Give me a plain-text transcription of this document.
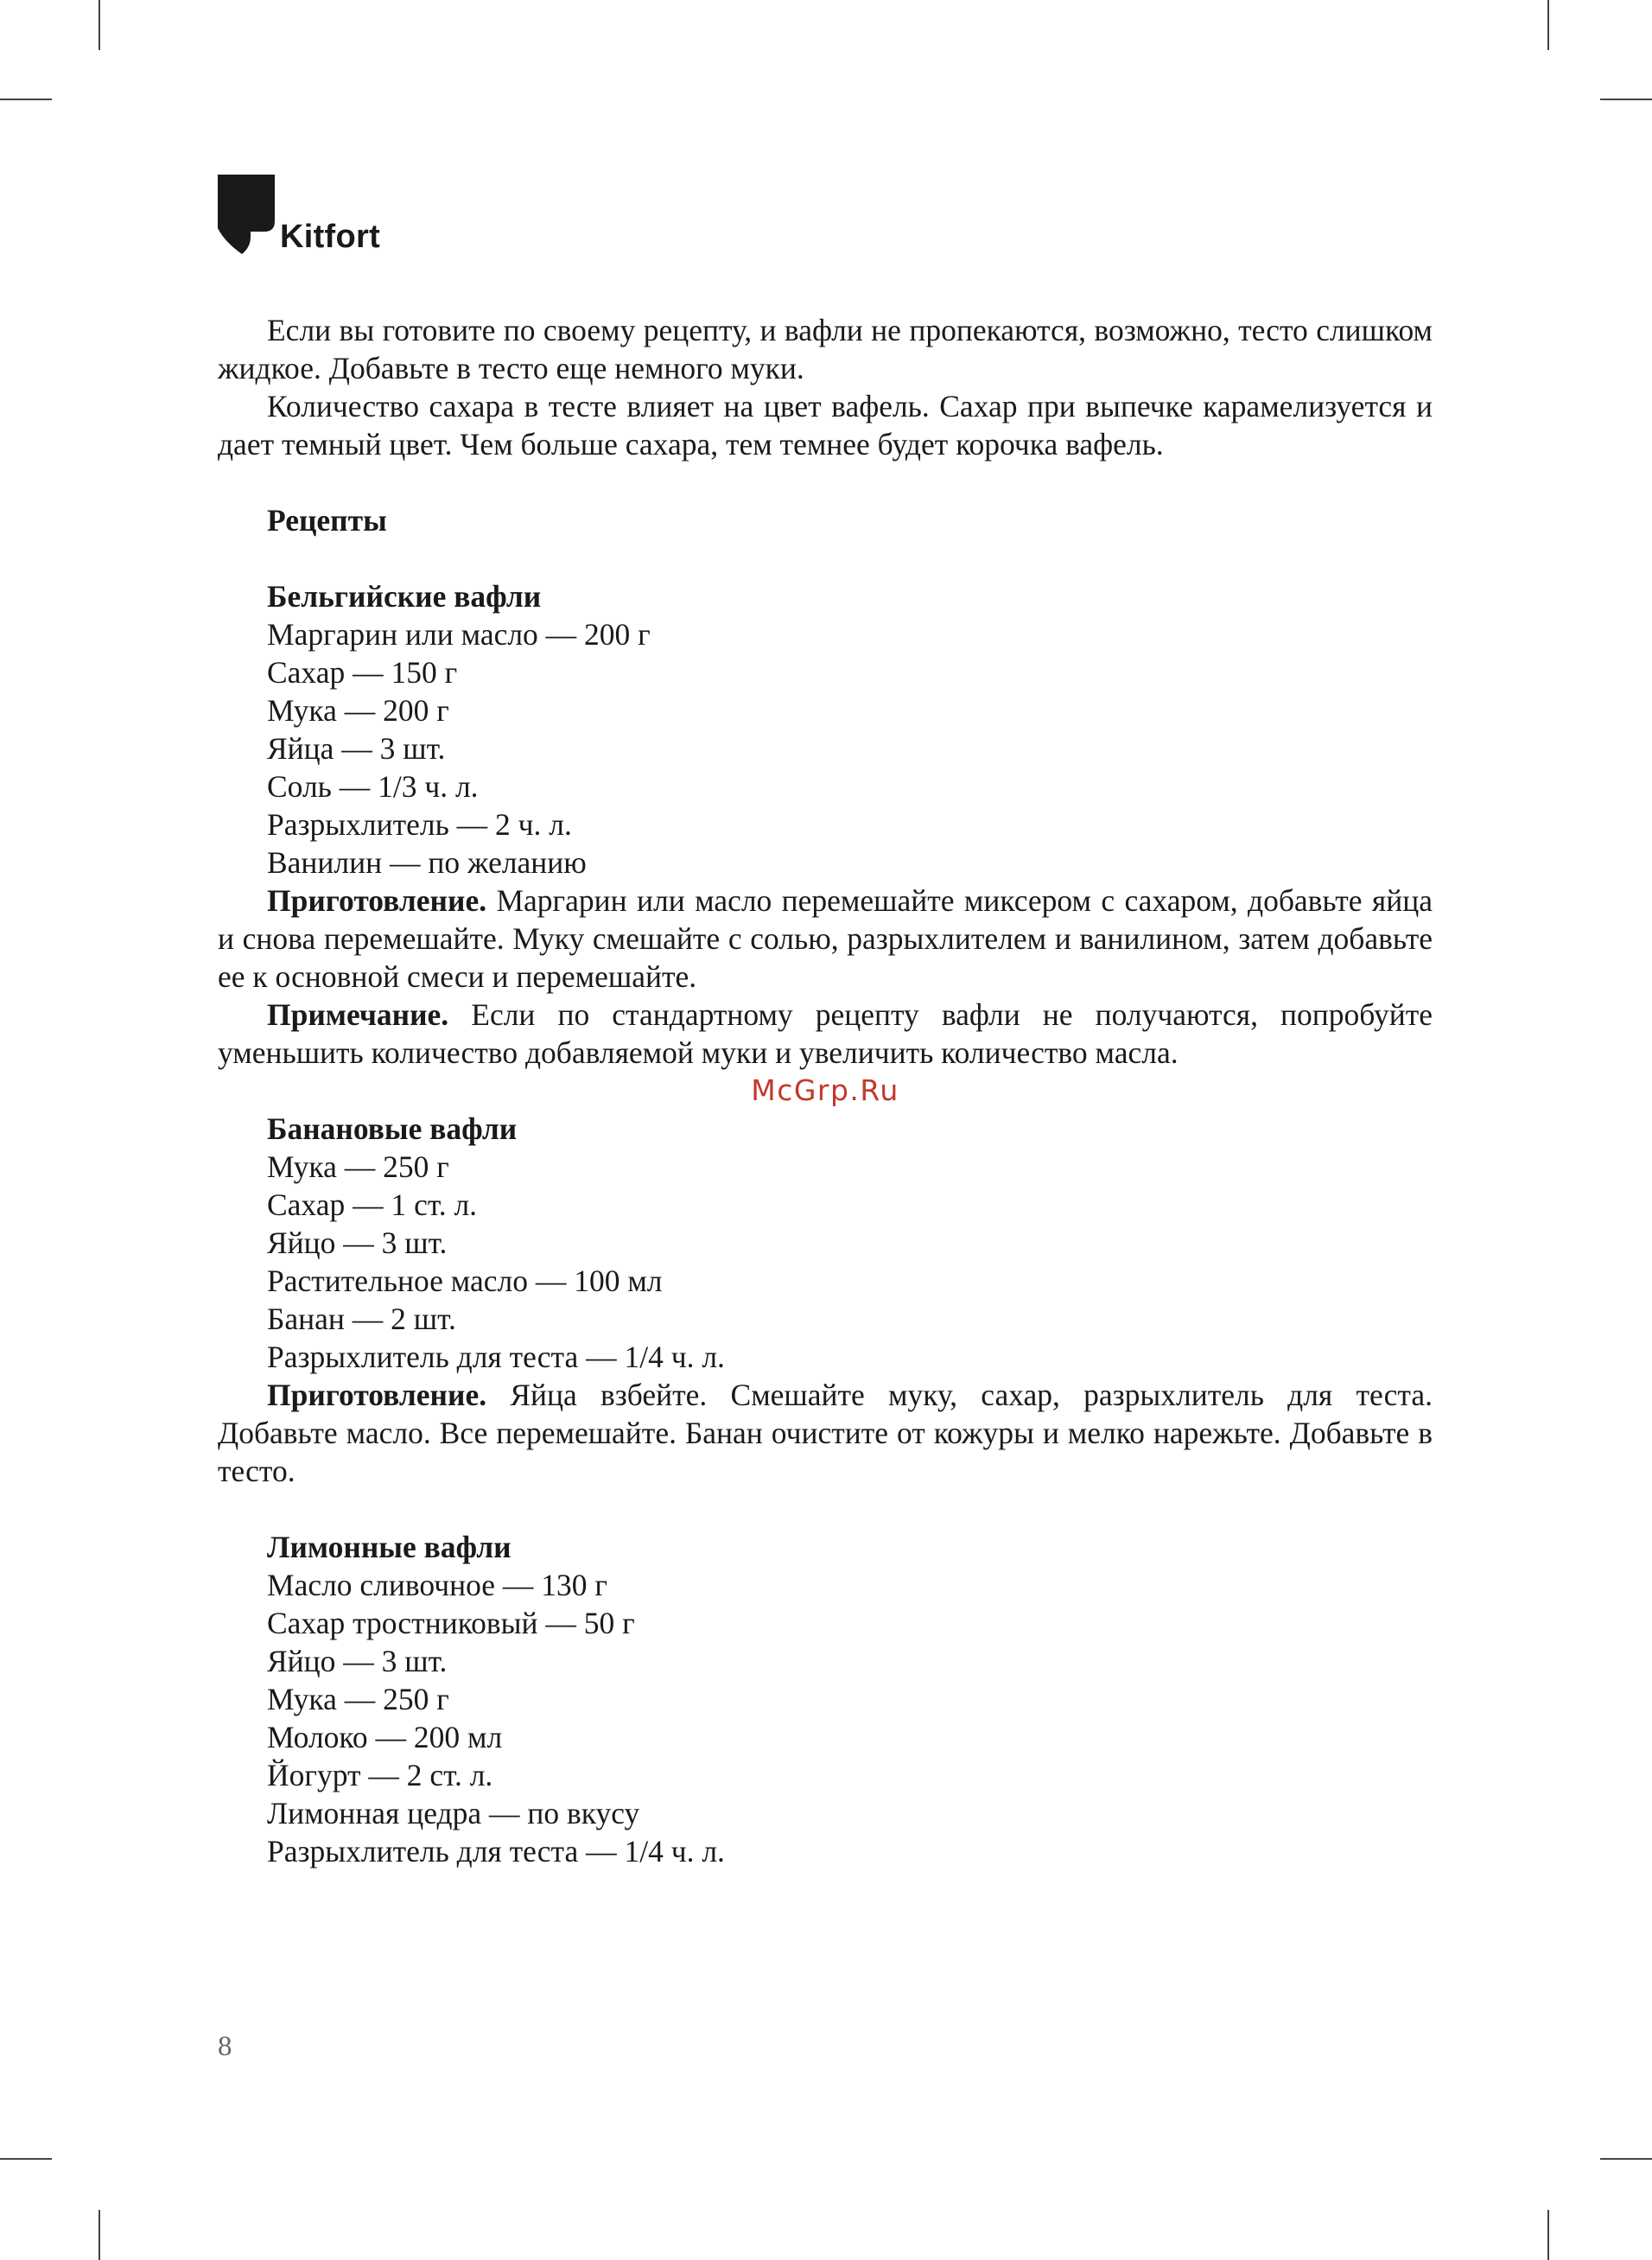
Kitfort

Если вы готовите по своему рецепту, и вафли не пропекаются, возможно, тесто слишком жидкое. Добавьте в тесто еще немного муки.

Количество сахара в тесте влияет на цвет вафель. Сахар при выпечке карамелизуется и дает темный цвет. Чем больше сахара, тем темнее будет корочка вафель.

Рецепты

Бельгийские вафли

Маргарин или масло — 200 г

Сахар — 150 г

Мука — 200 г

Яйца — 3 шт.

Соль — 1/3 ч. л.

Разрыхлитель — 2 ч. л.

Ванилин — по желанию

Приготовление. Маргарин или масло перемешайте миксером с сахаром, добавьте яйца и снова перемешайте. Муку смешайте с солью, разрыхлителем и ванилином, затем добавьте ее к основной смеси и перемешайте.

Примечание. Если по стандартному рецепту вафли не получаются, попробуйте уменьшить количество добавляемой муки и увеличить количество масла.

McGrp.Ru

Банановые вафли

Мука — 250 г

Сахар — 1 ст. л.

Яйцо — 3 шт.

Растительное масло — 100 мл

Банан — 2 шт.

Разрыхлитель для теста — 1/4 ч. л.

Приготовление. Яйца взбейте. Смешайте муку, сахар, разрыхлитель для теста. Добавьте масло. Все перемешайте. Банан очистите от кожуры и мелко нарежьте. Добавьте в тесто.

Лимонные вафли

Масло сливочное — 130 г

Сахар тростниковый — 50 г

Яйцо — 3 шт.

Мука — 250 г

Молоко — 200 мл

Йогурт — 2 ст. л.

Лимонная цедра — по вкусу

Разрыхлитель для теста — 1/4 ч. л.

8
